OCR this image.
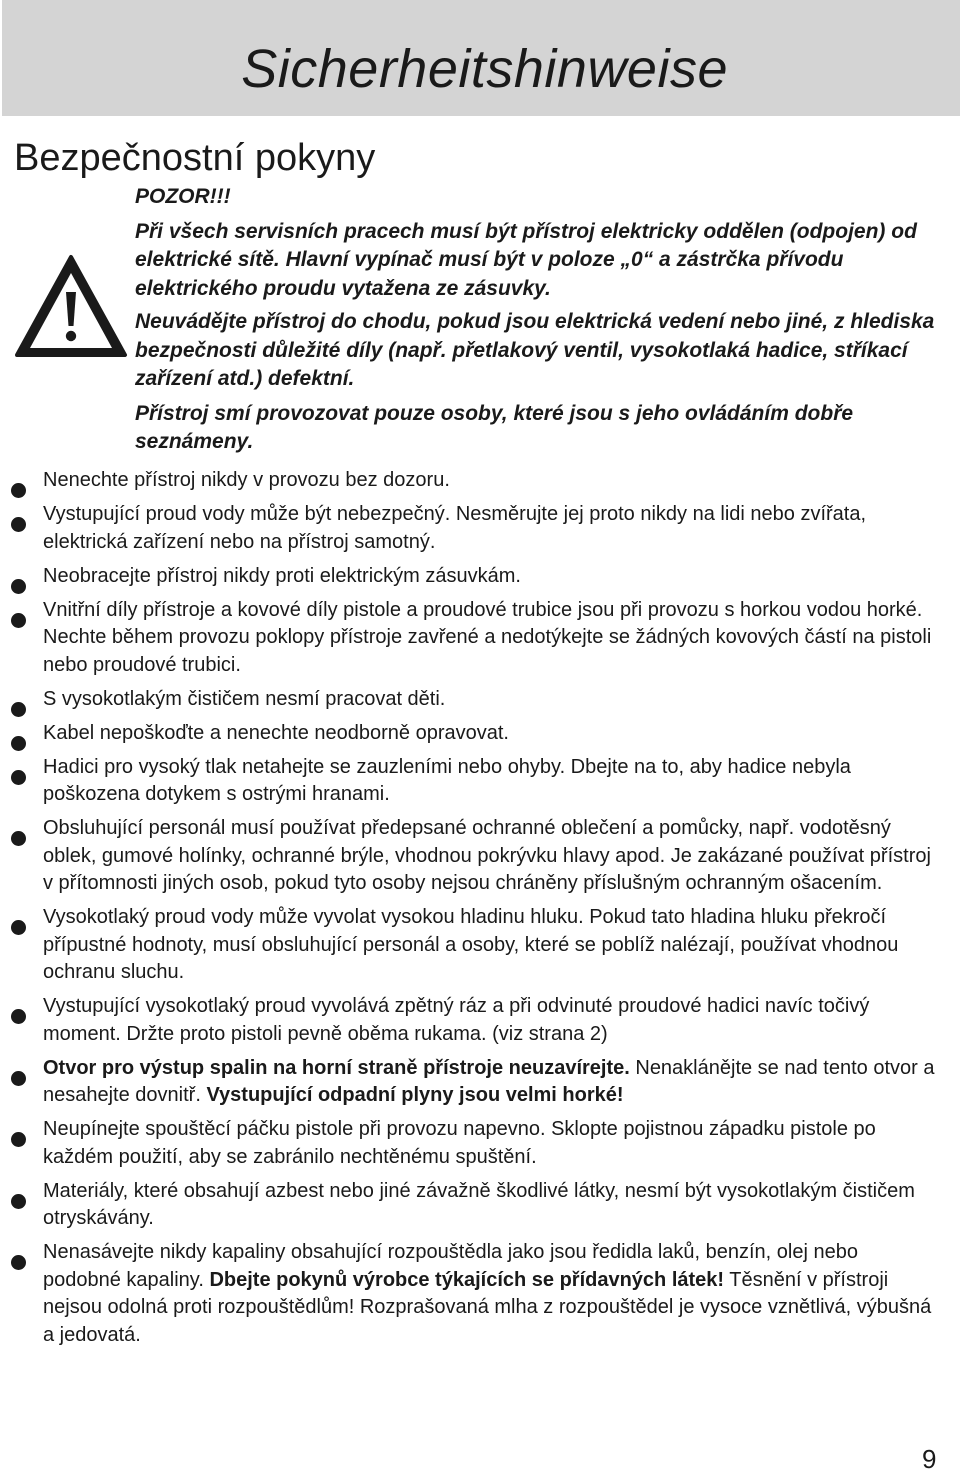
Sicherheitshinweise
Bezpečnostní pokyny

POZOR!!!

Při všech servisních pracech musí být přístroj elektricky oddělen (odpojen) od elektrické sítě. Hlavní vypínač musí být v poloze „0“ a zástrčka přívodu elektrického proudu vytažena ze zásuvky.

Neuvádějte přístroj do chodu, pokud jsou elektrická vedení nebo jiné, z hlediska bezpečnosti důležité díly (např. přetlakový ventil, vysokotlaká hadice, stříkací zařízení atd.) defektní.

Přístroj smí provozovat pouze osoby, které jsou s jeho ovládáním dobře seznámeny.

Nenechte přístroj nikdy v provozu bez dozoru.
Vystupující proud vody může být nebezpečný. Nesměrujte jej proto nikdy na lidi nebo zvířata, elektrická zařízení nebo na přístroj samotný.
Neobracejte přístroj nikdy proti elektrickým zásuvkám.
Vnitřní díly přístroje a kovové díly pistole a proudové trubice jsou při provozu s horkou vodou horké. Nechte během provozu poklopy přístroje zavřené a nedotýkejte se žádných kovových částí na pistoli nebo proudové trubici.
S vysokotlakým čističem nesmí pracovat děti.
Kabel nepoškoďte a nenechte neodborně opravovat.
Hadici pro vysoký tlak netahejte se zauzleními nebo ohyby. Dbejte na to, aby hadice nebyla poškozena dotykem s ostrými hranami.
Obsluhující personál musí používat předepsané ochranné oblečení a pomůcky, např. vodotěsný oblek, gumové holínky, ochranné brýle, vhodnou pokrývku hlavy apod. Je zakázané používat přístroj v přítomnosti jiných osob, pokud tyto osoby nejsou chráněny příslušným ochranným ošacením.
Vysokotlaký proud vody může vyvolat vysokou hladinu hluku. Pokud tato hladina hluku překročí přípustné hodnoty, musí obsluhující personál a osoby, které se poblíž nalézají, používat vhodnou ochranu sluchu.
Vystupující vysokotlaký proud vyvolává zpětný ráz a při odvinuté proudové hadici navíc točivý moment. Držte proto pistoli pevně oběma rukama. (viz strana 2)
Otvor pro výstup spalin na horní straně přístroje neuzavírejte. Nenaklánějte se nad tento otvor a nesahejte dovnitř. Vystupující odpadní plyny jsou velmi horké!
Neupínejte spouštěcí páčku pistole při provozu napevno. Sklopte pojistnou západku pistole po každém použití, aby se zabránilo nechtěnému spuštění.
Materiály, které obsahují azbest nebo jiné závažně škodlivé látky, nesmí být vysokotlakým čističem otryskávány.
Nenasávejte nikdy kapaliny obsahující rozpouštědla jako jsou ředidla laků, benzín, olej nebo podobné kapaliny. Dbejte pokynů výrobce týkajících se přídavných látek! Těsnění v přístroji nejsou odolná proti rozpouštědlům! Rozprašovaná mlha z rozpouštědel je vysoce vznětlivá, výbušná a jedovatá.
9
